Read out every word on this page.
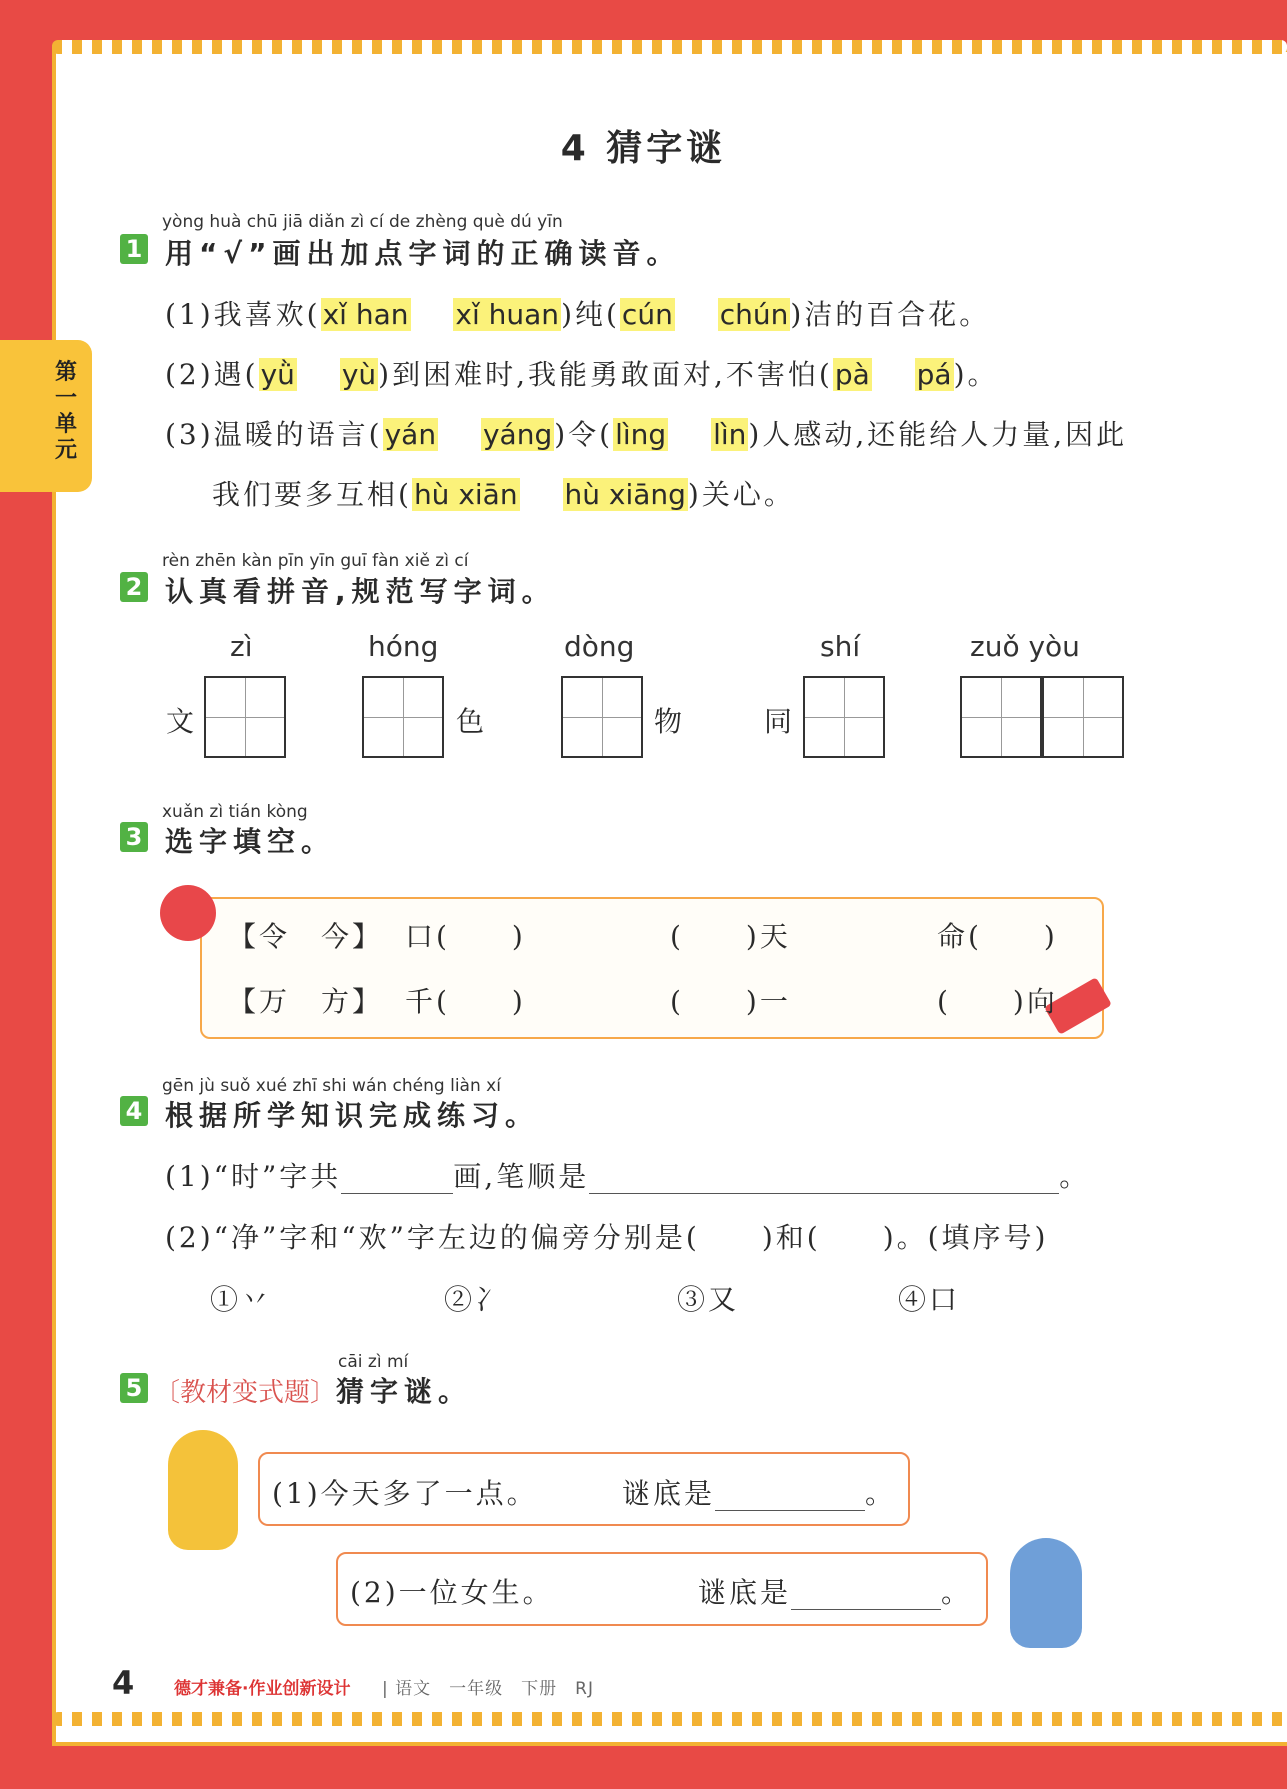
第一单元
4 猜字谜
yòng huà chū jiā diǎn zì cí de zhèng què dú yīn
1 用“√”画出加点字词的正确读音。
(1)我喜欢(xǐ han　 xǐ huan)纯(cún　 chún)洁的百合花。
(2)遇(yǜ　 yù)到困难时,我能勇敢面对,不害怕(pà　 pá)。
(3)温暖的语言(yán　 yáng)令(lìng　 lìn)人感动,还能给人力量,因此
我们要多互相(hù xiān　 hù xiāng)关心。
rèn zhēn kàn pīn yīn guī fàn xiě zì cí
2 认真看拼音,规范写字词。
zì
文
hóng
色
dòng
物
shí
同
zuǒ yòu
xuǎn zì tián kòng
3 选字填空。
【令　今】 口(　　)	(　　)天	命(　　)
【万　方】 千(　　)	(　　)一	(　　)向
gēn jù suǒ xué zhī shi wán chéng liàn xí
4 根据所学知识完成练习。
(1)“时”字共	画,笔顺是	。
(2)“净”字和“欢”字左边的偏旁分别是(　　)和(　　)。(填序号)
①丷	②冫	③又	④口
cāi zì mí
5 〔教材变式题〕 猜字谜。
(1)今天多了一点。	谜底是	。
(2)一位女生。	谜底是	。
4 德才兼备·作业创新设计 | 语文　一年级　下册　RJ
